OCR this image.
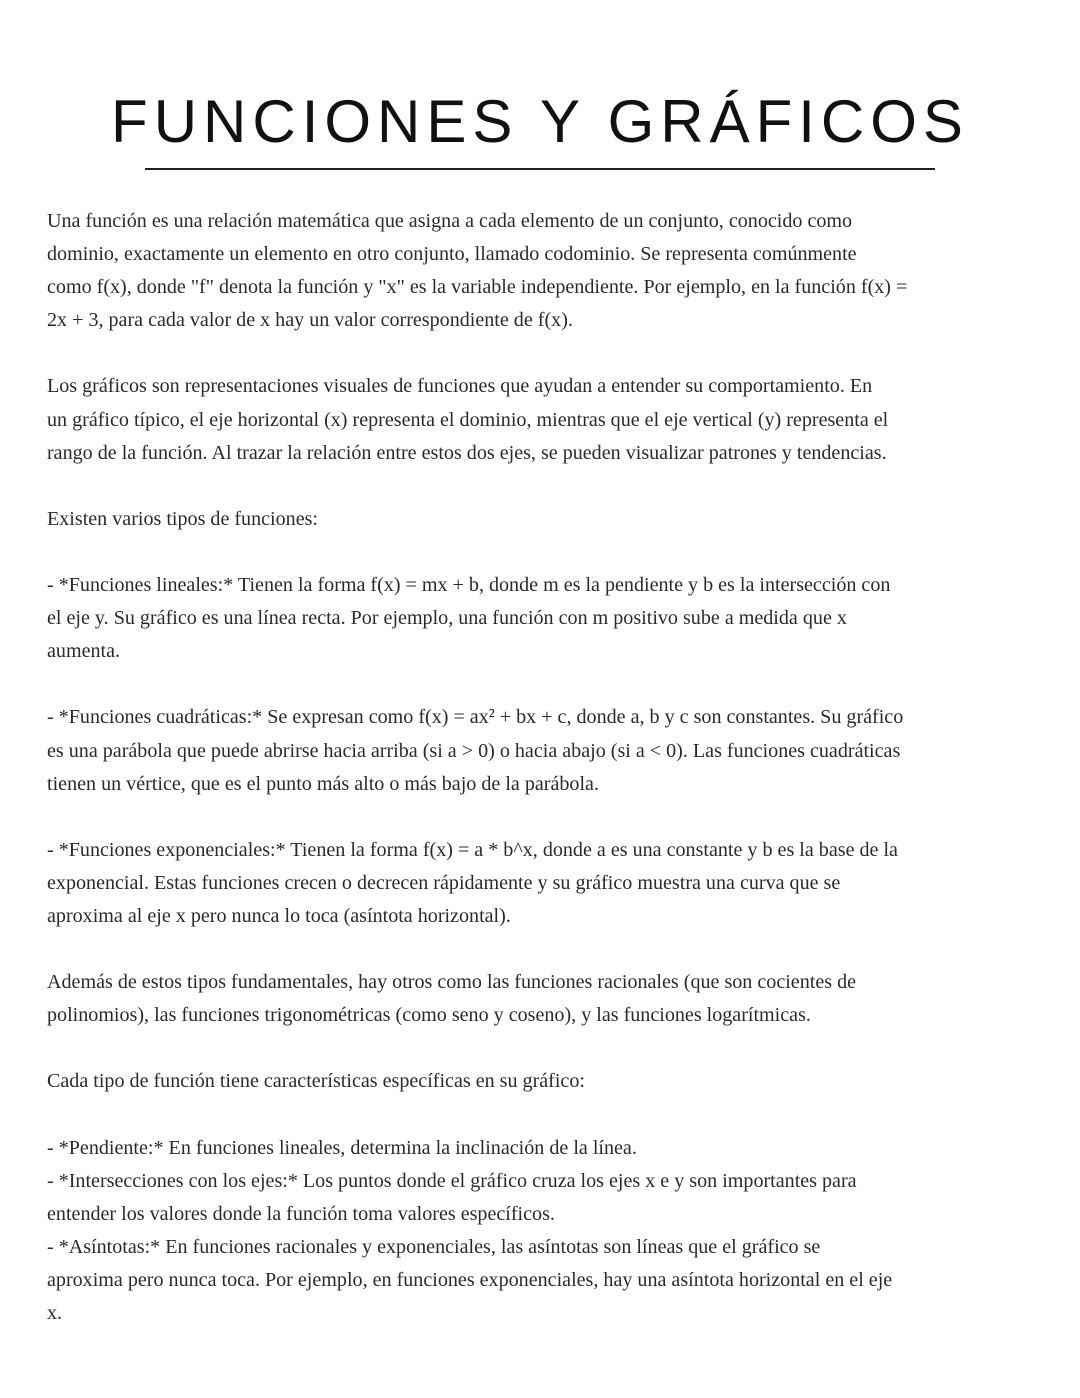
FUNCIONES Y GRÁFICOS

Una función es una relación matemática que asigna a cada elemento de un conjunto, conocido como
dominio, exactamente un elemento en otro conjunto, llamado codominio. Se representa comúnmente
como f(x), donde "f" denota la función y "x" es la variable independiente. Por ejemplo, en la función f(x) =
2x + 3, para cada valor de x hay un valor correspondiente de f(x).

Los gráficos son representaciones visuales de funciones que ayudan a entender su comportamiento. En
un gráfico típico, el eje horizontal (x) representa el dominio, mientras que el eje vertical (y) representa el
rango de la función. Al trazar la relación entre estos dos ejes, se pueden visualizar patrones y tendencias.

Existen varios tipos de funciones:

- *Funciones lineales:* Tienen la forma f(x) = mx + b, donde m es la pendiente y b es la intersección con
el eje y. Su gráfico es una línea recta. Por ejemplo, una función con m positivo sube a medida que x
aumenta.

- *Funciones cuadráticas:* Se expresan como f(x) = ax² + bx + c, donde a, b y c son constantes. Su gráfico
es una parábola que puede abrirse hacia arriba (si a > 0) o hacia abajo (si a < 0). Las funciones cuadráticas
tienen un vértice, que es el punto más alto o más bajo de la parábola.

- *Funciones exponenciales:* Tienen la forma f(x) = a * b^x, donde a es una constante y b es la base de la
exponencial. Estas funciones crecen o decrecen rápidamente y su gráfico muestra una curva que se
aproxima al eje x pero nunca lo toca (asíntota horizontal).

Además de estos tipos fundamentales, hay otros como las funciones racionales (que son cocientes de
polinomios), las funciones trigonométricas (como seno y coseno), y las funciones logarítmicas.

Cada tipo de función tiene características específicas en su gráfico:

- *Pendiente:* En funciones lineales, determina la inclinación de la línea.
- *Intersecciones con los ejes:* Los puntos donde el gráfico cruza los ejes x e y son importantes para
entender los valores donde la función toma valores específicos.
- *Asíntotas:* En funciones racionales y exponenciales, las asíntotas son líneas que el gráfico se
aproxima pero nunca toca. Por ejemplo, en funciones exponenciales, hay una asíntota horizontal en el eje
x.
